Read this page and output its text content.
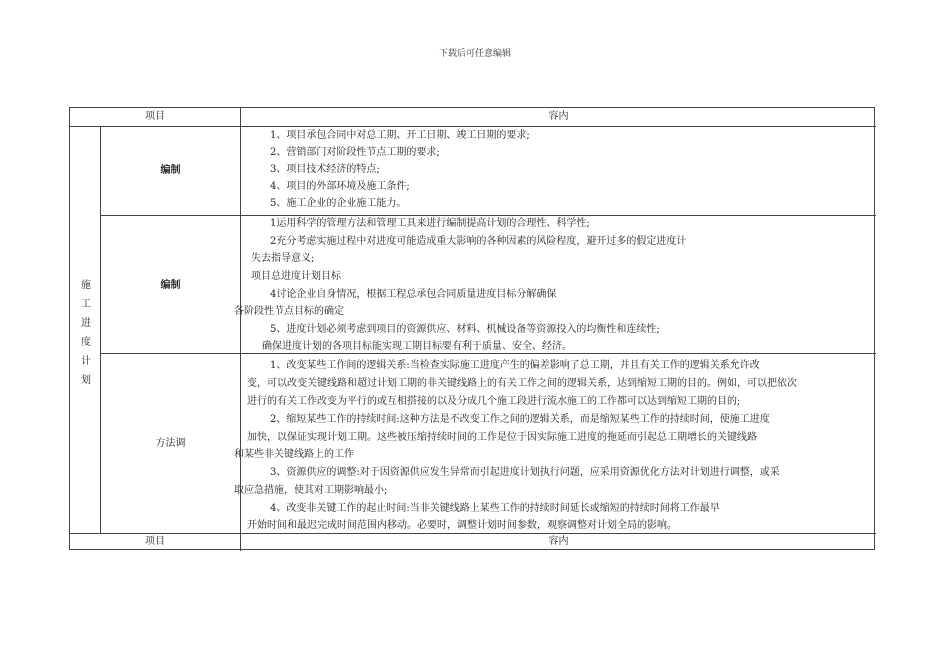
下载后可任意编辑
项目	容内
施工进度计划
编制
编制
方法调
项目	容内
1、项目承包合同中对总工期、开工日期、竣工日期的要求;
2、营销部门对阶段性节点工期的要求;
3、项目技术经济的特点;
4、项目的外部环境及施工条件;
5、施工企业的企业施工能力。
1运用科学的管理方法和管理工具来进行编制提高计划的合理性、科学性;
2充分考虑实施过程中对进度可能造成重大影响的各种因素的风险程度，避开过多的假定进度计
失去指导意义;
项目总进度计划目标
4讨论企业自身情况，根据工程总承包合同质量进度目标分解确保
各阶段性节点目标的确定
5、进度计划必须考虑到项目的资源供应、材料、机械设备等资源投入的均衡性和连续性;
确保进度计划的各项目标能实现工期目标要有利于质量、安全、经济。
1、改变某些工作间的逻辑关系:当检查实际施工进度产生的偏差影响了总工期，并且有关工作的逻辑关系允许改
变，可以改变关键线路和超过计划工期的非关键线路上的有关工作之间的逻辑关系，达到缩短工期的目的。例如，可以把依次
进行的有关工作改变为平行的或互相搭接的以及分成几个施工段进行流水施工的工作都可以达到缩短工期的目的;
2、缩短某些工作的持续时间:这种方法是不改变工作之间的逻辑关系，而是缩短某些工作的持续时间，使施工进度
加快，以保证实现计划工期。这些被压缩持续时间的工作是位于因实际施工进度的拖延而引起总工期增长的关键线路
和某些非关键线路上的工作
3、资源供应的调整:对于因资源供应发生异常而引起进度计划执行问题，应采用资源优化方法对计划进行调整，或采
取应急措施，使其对工期影响最小;
4、改变非关键工作的起止时间:当非关键线路上某些工作的持续时间延长或缩短的持续时间将工作最早
开始时间和最迟完成时间范围内移动。必要时，调整计划时间参数，观察调整对计划全局的影响。
